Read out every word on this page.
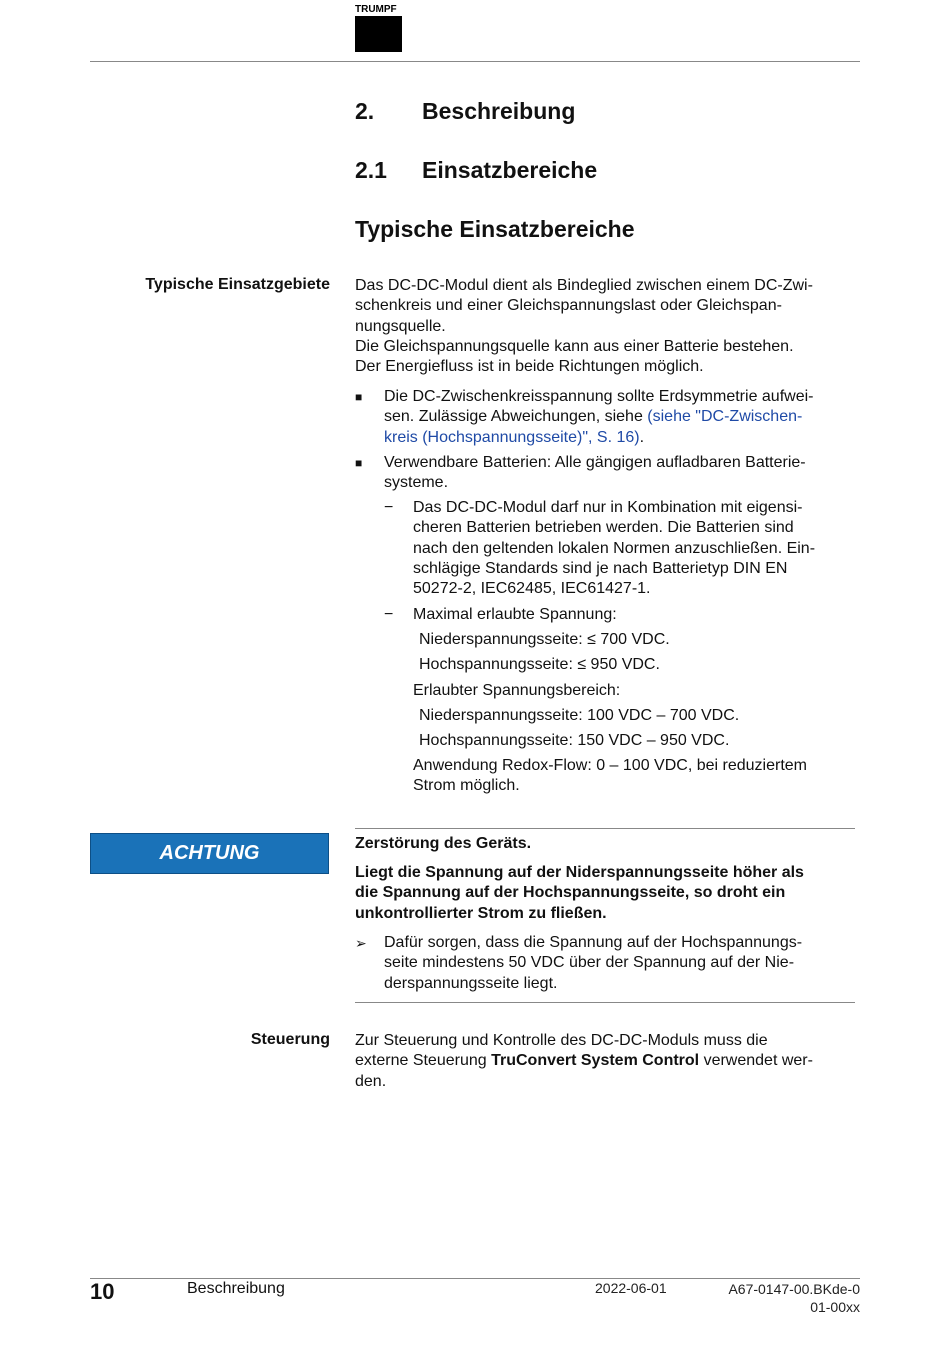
TRUMPF
2. Beschreibung
2.1 Einsatzbereiche
Typische Einsatzbereiche
Typische Einsatzgebiete Das DC-DC-Modul dient als Bindeglied zwischen einem DC-Zwi-

schenkreis und einer Gleichspannungslast oder Gleichspan-

nungsquelle.

Die Gleichspannungsquelle kann aus einer Batterie bestehen.

Der Energiefluss ist in beide Richtungen möglich.

■	Die DC-Zwischenkreisspannung sollte Erdsymmetrie aufwei-
sen. Zulässige Abweichungen, siehe (siehe "DC-Zwischen-
kreis (Hochspannungsseite)", S. 16).
■	Verwendbare Batterien: Alle gängigen aufladbaren Batterie-
systeme.
− Das DC-DC-Modul darf nur in Kombination mit eigensi-
cheren Batterien betrieben werden. Die Batterien sind
nach den geltenden lokalen Normen anzuschließen. Ein-
schlägige Standards sind je nach Batterietyp DIN EN
50272-2, IEC62485, IEC61427-1.
− Maximal erlaubte Spannung:
Niederspannungsseite: ≤ 700 VDC.
Hochspannungsseite: ≤ 950 VDC.
Erlaubter Spannungsbereich:
Niederspannungsseite: 100 VDC – 700 VDC.
Hochspannungsseite: 150 VDC – 950 VDC.
Anwendung Redox-Flow: 0 – 100 VDC, bei reduziertem
Strom möglich.
ACHTUNG	Zerstörung des Geräts.
Liegt die Spannung auf der Niderspannungsseite höher als
die Spannung auf der Hochspannungsseite, so droht ein
unkontrollierter Strom zu fließen.
➢ Dafür sorgen, dass die Spannung auf der Hochspannungs-
seite mindestens 50 VDC über der Spannung auf der Nie-
derspannungsseite liegt.
Steuerung Zur Steuerung und Kontrolle des DC-DC-Moduls muss die

externe Steuerung TruConvert System Control verwendet wer-

den.

10	Beschreibung	2022-06-01	A67-0147-00.BKde-0
01-00xx
